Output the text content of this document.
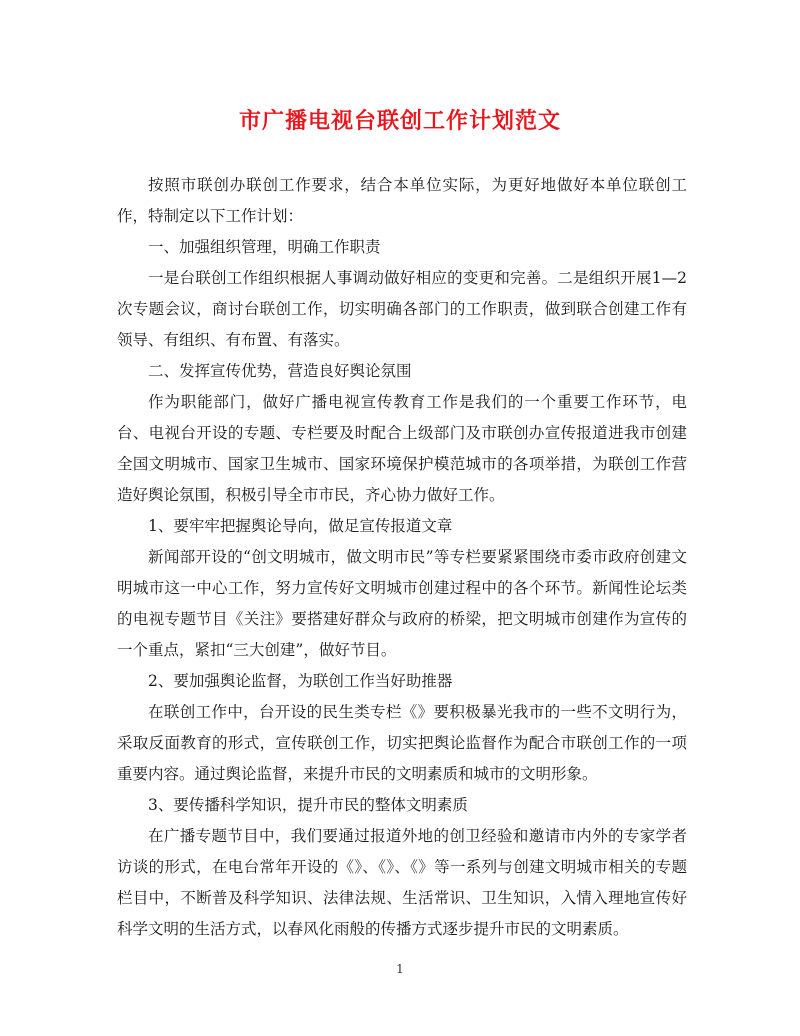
市广播电视台联创工作计划范文

按照市联创办联创工作要求，结合本单位实际，为更好地做好本单位联创工作，特制定以下工作计划：

一、加强组织管理，明确工作职责

一是台联创工作组织根据人事调动做好相应的变更和完善。二是组织开展1—2次专题会议，商讨台联创工作，切实明确各部门的工作职责，做到联合创建工作有领导、有组织、有布置、有落实。

二、发挥宣传优势，营造良好舆论氛围

作为职能部门，做好广播电视宣传教育工作是我们的一个重要工作环节，电台、电视台开设的专题、专栏要及时配合上级部门及市联创办宣传报道进我市创建全国文明城市、国家卫生城市、国家环境保护模范城市的各项举措，为联创工作营造好舆论氛围，积极引导全市市民，齐心协力做好工作。

1、要牢牢把握舆论导向，做足宣传报道文章

新闻部开设的“创文明城市，做文明市民”等专栏要紧紧围绕市委市政府创建文明城市这一中心工作，努力宣传好文明城市创建过程中的各个环节。新闻性论坛类的电视专题节目《关注》要搭建好群众与政府的桥梁，把文明城市创建作为宣传的一个重点，紧扣“三大创建”，做好节目。

2、要加强舆论监督，为联创工作当好助推器

在联创工作中，台开设的民生类专栏《》要积极暴光我市的一些不文明行为，采取反面教育的形式，宣传联创工作，切实把舆论监督作为配合市联创工作的一项重要内容。通过舆论监督，来提升市民的文明素质和城市的文明形象。

3、要传播科学知识，提升市民的整体文明素质

在广播专题节目中，我们要通过报道外地的创卫经验和邀请市内外的专家学者访谈的形式，在电台常年开设的《》、《》、《》等一系列与创建文明城市相关的专题栏目中，不断普及科学知识、法律法规、生活常识、卫生知识，入情入理地宣传好科学文明的生活方式，以春风化雨般的传播方式逐步提升市民的文明素质。

1
